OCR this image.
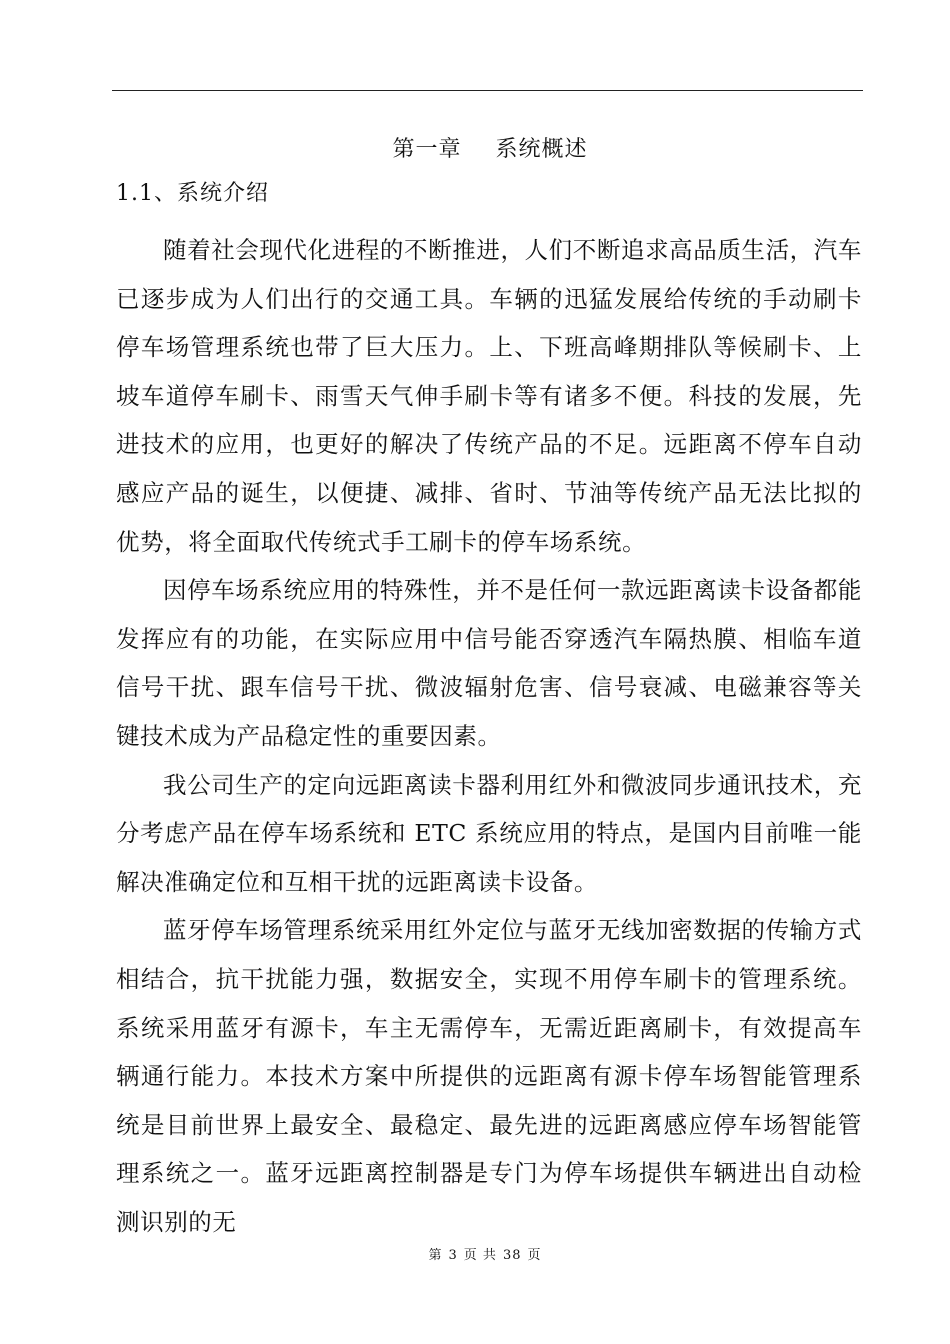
第一章 系统概述
1.1、系统介绍

随着社会现代化进程的不断推进，人们不断追求高品质生活，汽车已逐步成为人们出行的交通工具。车辆的迅猛发展给传统的手动刷卡停车场管理系统也带了巨大压力。上、下班高峰期排队等候刷卡、上坡车道停车刷卡、雨雪天气伸手刷卡等有诸多不便。科技的发展，先进技术的应用，也更好的解决了传统产品的不足。远距离不停车自动感应产品的诞生，以便捷、减排、省时、节油等传统产品无法比拟的优势，将全面取代传统式手工刷卡的停车场系统。

因停车场系统应用的特殊性，并不是任何一款远距离读卡设备都能发挥应有的功能，在实际应用中信号能否穿透汽车隔热膜、相临车道信号干扰、跟车信号干扰、微波辐射危害、信号衰减、电磁兼容等关键技术成为产品稳定性的重要因素。

我公司生产的定向远距离读卡器利用红外和微波同步通讯技术，充分考虑产品在停车场系统和 ETC 系统应用的特点，是国内目前唯一能解决准确定位和互相干扰的远距离读卡设备。

蓝牙停车场管理系统采用红外定位与蓝牙无线加密数据的传输方式相结合，抗干扰能力强，数据安全，实现不用停车刷卡的管理系统。系统采用蓝牙有源卡，车主无需停车，无需近距离刷卡，有效提高车辆通行能力。本技术方案中所提供的远距离有源卡停车场智能管理系统是目前世界上最安全、最稳定、最先进的远距离感应停车场智能管理系统之一。蓝牙远距离控制器是专门为停车场提供车辆进出自动检测识别的无

第 3 页 共 38 页
